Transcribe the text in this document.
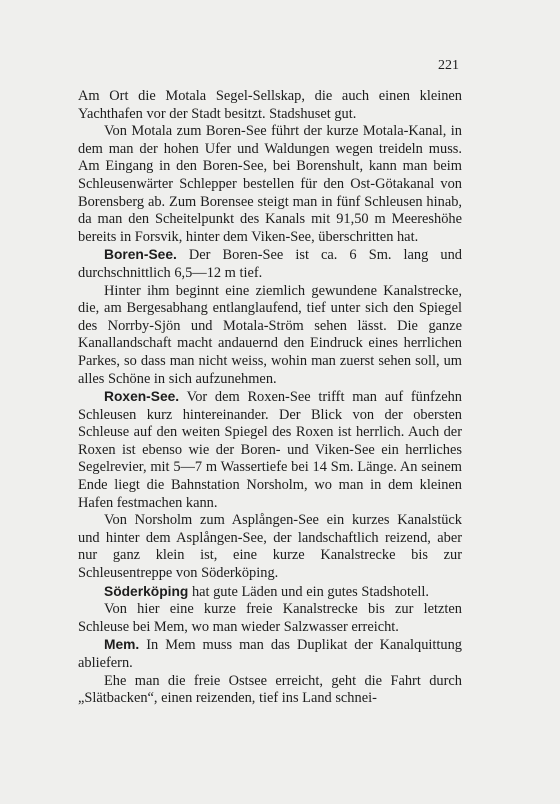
221

Am Ort die Motala Segel-Sellskap, die auch einen kleinen Yachthafen vor der Stadt besitzt. Stadshuset gut.

Von Motala zum Boren-See führt der kurze Motala-Kanal, in dem man der hohen Ufer und Waldungen wegen treideln muss. Am Eingang in den Boren-See, bei Borenshult, kann man beim Schleusenwärter Schlepper bestellen für den Ost-Götakanal von Borensberg ab. Zum Borensee steigt man in fünf Schleusen hinab, da man den Scheitelpunkt des Kanals mit 91,50 m Meereshöhe bereits in Forsvik, hinter dem Viken-See, überschritten hat.

Boren-See. Der Boren-See ist ca. 6 Sm. lang und durchschnittlich 6,5—12 m tief.

Hinter ihm beginnt eine ziemlich gewundene Kanalstrecke, die, am Bergesabhang entlanglaufend, tief unter sich den Spiegel des Norrby-Sjön und Motala-Ström sehen lässt. Die ganze Kanallandschaft macht andauernd den Eindruck eines herrlichen Parkes, so dass man nicht weiss, wohin man zuerst sehen soll, um alles Schöne in sich aufzunehmen.

Roxen-See. Vor dem Roxen-See trifft man auf fünfzehn Schleusen kurz hintereinander. Der Blick von der obersten Schleuse auf den weiten Spiegel des Roxen ist herrlich. Auch der Roxen ist ebenso wie der Boren- und Viken-See ein herrliches Segelrevier, mit 5—7 m Wassertiefe bei 14 Sm. Länge. An seinem Ende liegt die Bahnstation Norsholm, wo man in dem kleinen Hafen festmachen kann.

Von Norsholm zum Asplången-See ein kurzes Kanalstück und hinter dem Asplången-See, der landschaftlich reizend, aber nur ganz klein ist, eine kurze Kanalstrecke bis zur Schleusentreppe von Söderköping.

Söderköping hat gute Läden und ein gutes Stadshotell.

Von hier eine kurze freie Kanalstrecke bis zur letzten Schleuse bei Mem, wo man wieder Salzwasser erreicht.

Mem. In Mem muss man das Duplikat der Kanalquittung abliefern.

Ehe man die freie Ostsee erreicht, geht die Fahrt durch „Slätbacken“, einen reizenden, tief ins Land schnei-
